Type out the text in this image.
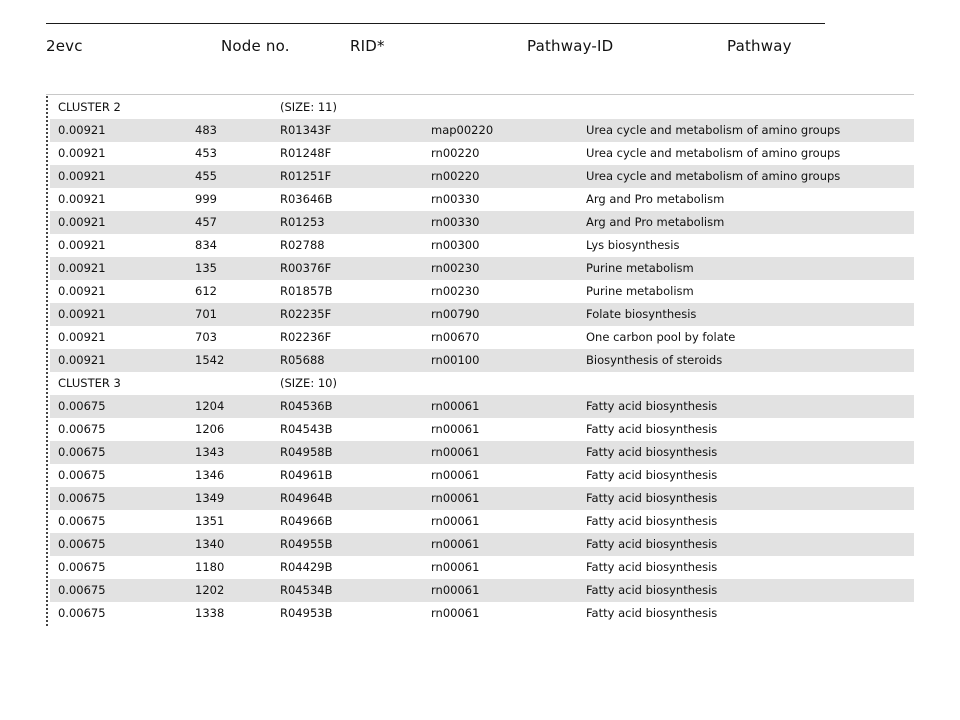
2evc	Node no.	RID*	Pathway-ID	Pathway
CLUSTER 2	(SIZE: 11)
0.00921	483	R01343F	map00220	Urea cycle and metabolism of amino groups
0.00921	453	R01248F	rn00220	Urea cycle and metabolism of amino groups
0.00921	455	R01251F	rn00220	Urea cycle and metabolism of amino groups
0.00921	999	R03646B	rn00330	Arg and Pro metabolism
0.00921	457	R01253	rn00330	Arg and Pro metabolism
0.00921	834	R02788	rn00300	Lys biosynthesis
0.00921	135	R00376F	rn00230	Purine metabolism
0.00921	612	R01857B	rn00230	Purine metabolism
0.00921	701	R02235F	rn00790	Folate biosynthesis
0.00921	703	R02236F	rn00670	One carbon pool by folate
0.00921	1542	R05688	rn00100	Biosynthesis of steroids
CLUSTER 3	(SIZE: 10)
0.00675	1204	R04536B	rn00061	Fatty acid biosynthesis
0.00675	1206	R04543B	rn00061	Fatty acid biosynthesis
0.00675	1343	R04958B	rn00061	Fatty acid biosynthesis
0.00675	1346	R04961B	rn00061	Fatty acid biosynthesis
0.00675	1349	R04964B	rn00061	Fatty acid biosynthesis
0.00675	1351	R04966B	rn00061	Fatty acid biosynthesis
0.00675	1340	R04955B	rn00061	Fatty acid biosynthesis
0.00675	1180	R04429B	rn00061	Fatty acid biosynthesis
0.00675	1202	R04534B	rn00061	Fatty acid biosynthesis
0.00675	1338	R04953B	rn00061	Fatty acid biosynthesis
